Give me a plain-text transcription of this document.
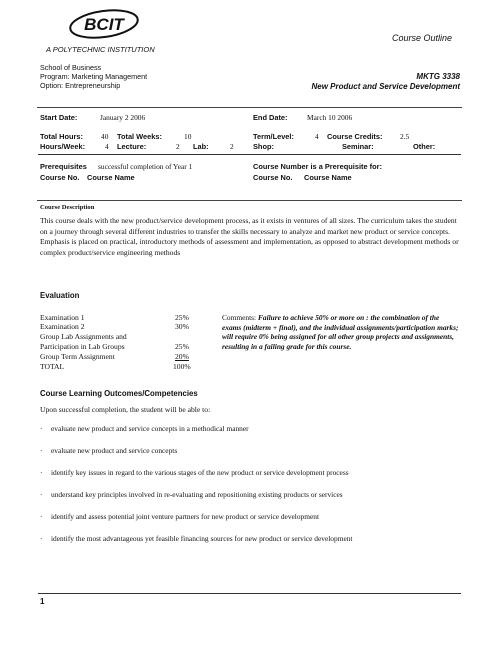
BCIT
A POLYTECHNIC INSTITUTION
Course Outline
School of Business
Program: Marketing Management
Option: Entrepreneurship
MKTG 3338
New Product and Service Development
Start Date:	January 2 2006	End Date:	March 10 2006
Total Hours: 40 Total Weeks:	10	Term/Level:	4 Course Credits: 2.5
Hours/Week:	4 Lecture:	2 Lab:	2	Shop:	Seminar:	Other:
Prerequisites successful completion of Year 1	Course Number is a Prerequisite for:
Course No. Course Name	Course No. Course Name
Course Description
This course deals with the new product/service development process, as it exists in ventures of all sizes. The curriculum takes the student on a journey through several different industries to transfer the skills necessary to analyze and market new product or service concepts. Emphasis is placed on practical, introductory methods of assessment and implementation, as opposed to abstract development methods or complex product/service engineering methods
Evaluation
Examination 1	25%
Examination 2	30%
Group Lab Assignments and
Participation in Lab Groups	25%
Group Term Assignment	20%
TOTAL	100%
Comments: Failure to achieve 50% or more on : the combination of the exams (midterm + final), and the individual assignments/participation marks; will require 0% being assigned for all other group projects and assignments, resulting in a failing grade for this course.
Course Learning Outcomes/Competencies
Upon successful completion, the student will be able to:
· evaluate new product and service concepts in a methodical manner
· evaluate new product and service concepts
· identify key issues in regard to the various stages of the new product or service development process
· understand key principles involved in re-evaluating and repositioning existing products or services
· identify and assess potential joint venture partners for new product or service development
· identify the most advantageous yet feasible financing sources for new product or service development
1
